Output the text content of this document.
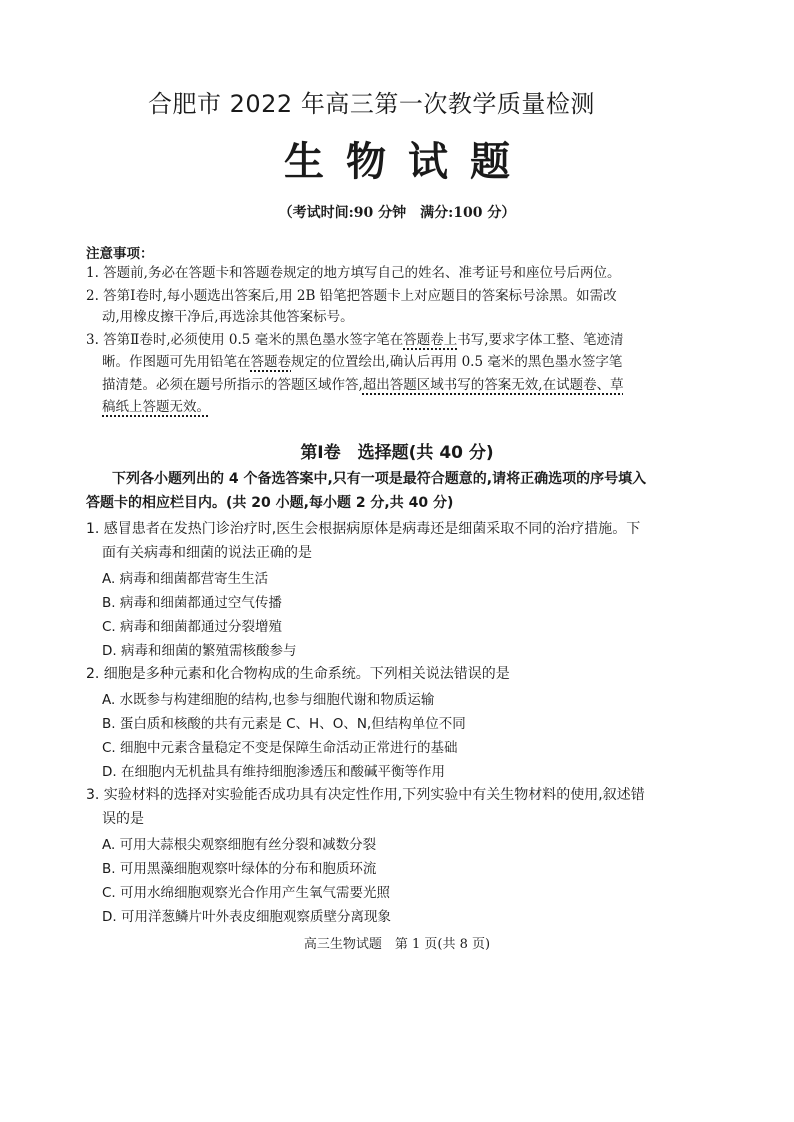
合肥市 2022 年高三第一次教学质量检测
生物试题
（考试时间:90 分钟　满分:100 分）
注意事项：
1. 答题前,务必在答题卡和答题卷规定的地方填写自己的姓名、准考证号和座位号后两位。
2. 答第Ⅰ卷时,每小题选出答案后,用 2B 铅笔把答题卡上对应题目的答案标号涂黑。如需改
动,用橡皮擦干净后,再选涂其他答案标号。
3. 答第Ⅱ卷时,必须使用 0.5 毫米的黑色墨水签字笔在答题卷上书写,要求字体工整、笔迹清
晰。作图题可先用铅笔在答题卷规定的位置绘出,确认后再用 0.5 毫米的黑色墨水签字笔
描清楚。必须在题号所指示的答题区域作答,超出答题区域书写的答案无效,在试题卷、草
稿纸上答题无效。
第Ⅰ卷　选择题(共 40 分)
下列各小题列出的 4 个备选答案中,只有一项是最符合题意的,请将正确选项的序号填入
答题卡的相应栏目内。(共 20 小题,每小题 2 分,共 40 分)
1. 感冒患者在发热门诊治疗时,医生会根据病原体是病毒还是细菌采取不同的治疗措施。下
面有关病毒和细菌的说法正确的是
A. 病毒和细菌都营寄生生活
B. 病毒和细菌都通过空气传播
C. 病毒和细菌都通过分裂增殖
D. 病毒和细菌的繁殖需核酸参与
2. 细胞是多种元素和化合物构成的生命系统。下列相关说法错误的是
A. 水既参与构建细胞的结构,也参与细胞代谢和物质运输
B. 蛋白质和核酸的共有元素是 C、H、O、N,但结构单位不同
C. 细胞中元素含量稳定不变是保障生命活动正常进行的基础
D. 在细胞内无机盐具有维持细胞渗透压和酸碱平衡等作用
3. 实验材料的选择对实验能否成功具有决定性作用,下列实验中有关生物材料的使用,叙述错
误的是
A. 可用大蒜根尖观察细胞有丝分裂和减数分裂
B. 可用黑藻细胞观察叶绿体的分布和胞质环流
C. 可用水绵细胞观察光合作用产生氧气需要光照
D. 可用洋葱鳞片叶外表皮细胞观察质壁分离现象
高三生物试题　第 1 页(共 8 页)
